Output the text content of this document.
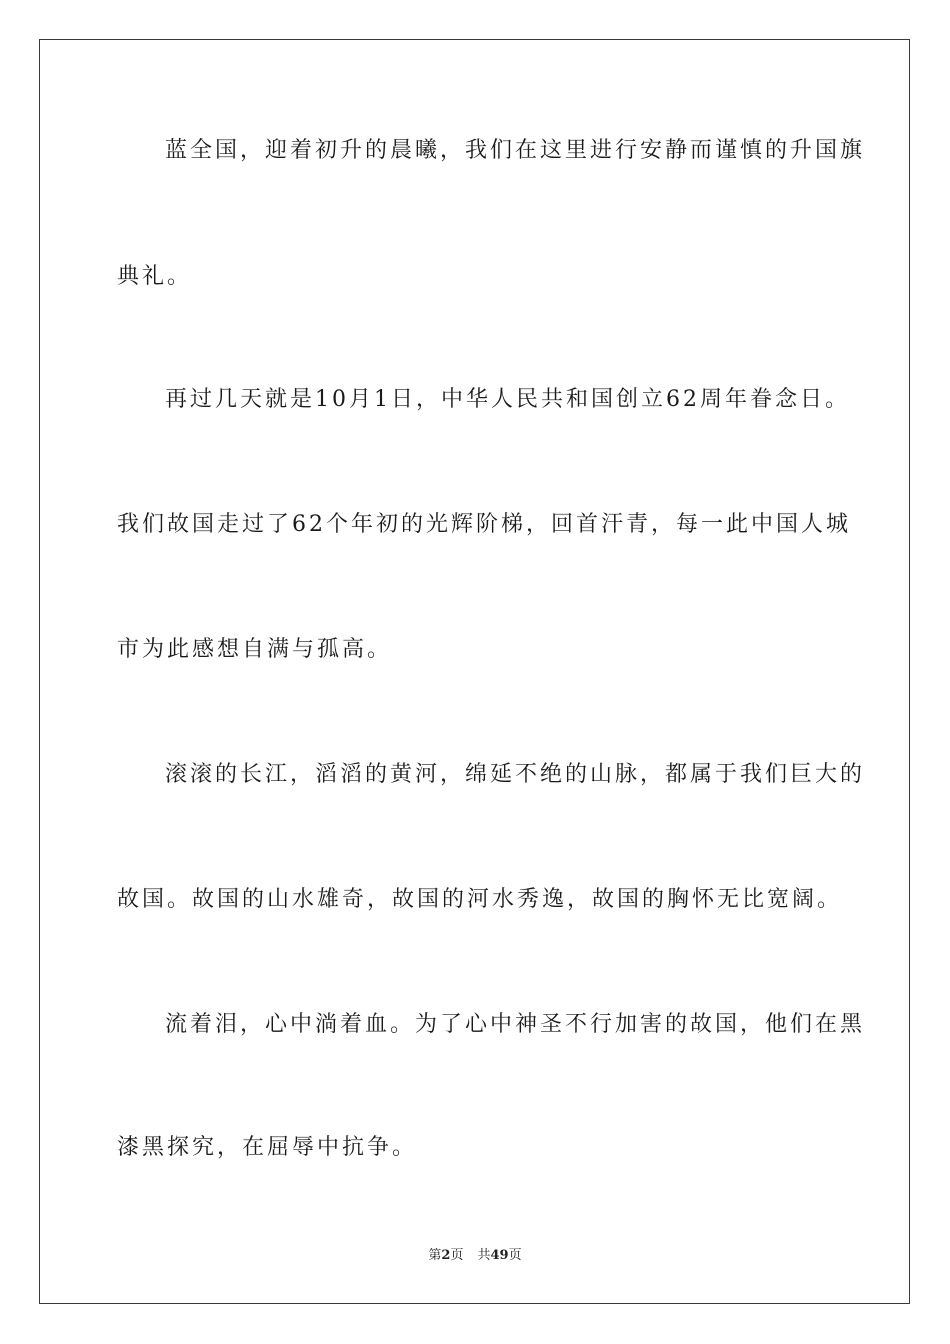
蓝全国，迎着初升的晨曦，我们在这里进行安静而谨慎的升国旗
典礼。
再过几天就是10月1日，中华人民共和国创立62周年眷念日。
我们故国走过了62个年初的光辉阶梯，回首汗青，每一此中国人城
市为此感想自满与孤高。
滚滚的长江，滔滔的黄河，绵延不绝的山脉，都属于我们巨大的
故国。故国的山水雄奇，故国的河水秀逸，故国的胸怀无比宽阔。
流着泪，心中淌着血。为了心中神圣不行加害的故国，他们在黑
漆黑探究，在屈辱中抗争。
第2页 共49页
